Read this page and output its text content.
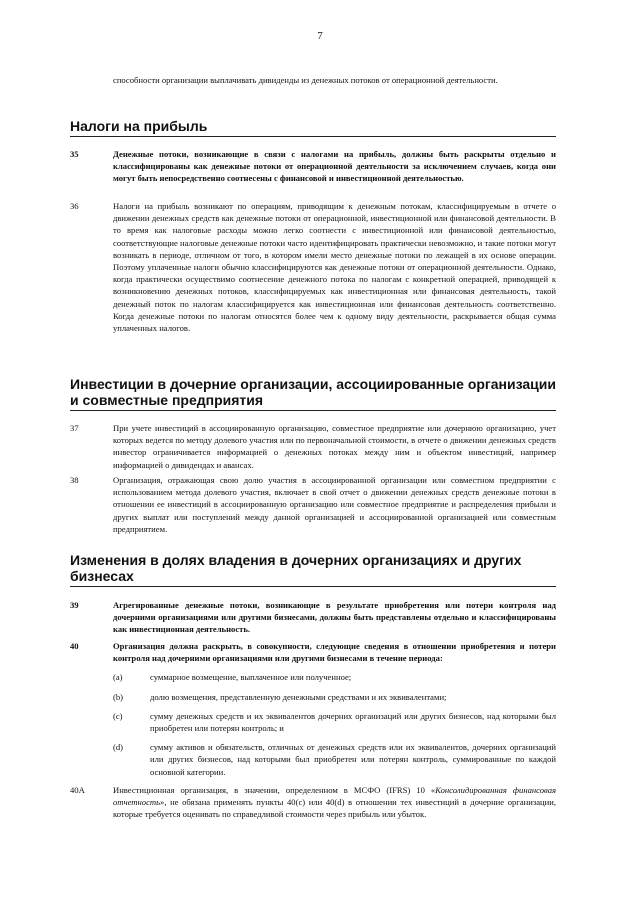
7
способности организации выплачивать дивиденды из денежных потоков от операционной деятельности.
Налоги на прибыль
35	Денежные потоки, возникающие в связи с налогами на прибыль, должны быть раскрыты отдельно и классифицированы как денежные потоки от операционной деятельности за исключением случаев, когда они могут быть непосредственно соотнесены с финансовой и инвестиционной деятельностью.
36	Налоги на прибыль возникают по операциям, приводящим к денежным потокам, классифицируемым в отчете о движении денежных средств как денежные потоки от операционной, инвестиционной или финансовой деятельности. В то время как налоговые расходы можно легко соотнести с инвестиционной или финансовой деятельностью, соответствующие налоговые денежные потоки часто идентифицировать практически невозможно, и такие потоки могут возникать в периоде, отличном от того, в котором имели место денежные потоки по лежащей в их основе операции. Поэтому уплаченные налоги обычно классифицируются как денежные потоки от операционной деятельности. Однако, когда практически осуществимо соотнесение денежного потока по налогам с конкретной операцией, приводящей к возникновению денежных потоков, классифицируемых как инвестиционная или финансовая деятельность, такой денежный поток по налогам классифицируется как инвестиционная или финансовая деятельность соответственно. Когда денежные потоки по налогам относятся более чем к одному виду деятельности, раскрывается общая сумма уплаченных налогов.
Инвестиции в дочерние организации, ассоциированные организации и совместные предприятия
37	При учете инвестиций в ассоциированную организацию, совместное предприятие или дочернюю организацию, учет которых ведется по методу долевого участия или по первоначальной стоимости, в отчете о движении денежных средств инвестор ограничивается информацией о денежных потоках между ним и объектом инвестиций, например информацией о дивидендах и авансах.
38	Организация, отражающая свою долю участия в ассоциированной организации или совместном предприятии с использованием метода долевого участия, включает в свой отчет о движении денежных средств денежные потоки в отношении ее инвестиций в ассоциированную организацию или совместное предприятие и распределения прибыли и других выплат или поступлений между данной организацией и ассоциированной организацией или совместным предприятием.
Изменения в долях владения в дочерних организациях и других бизнесах
39	Агрегированные денежные потоки, возникающие в результате приобретения или потери контроля над дочерними организациями или другими бизнесами, должны быть представлены отдельно и классифицированы как инвестиционная деятельность.
40	Организация должна раскрыть, в совокупности, следующие сведения в отношении приобретения и потери контроля над дочерними организациями или другими бизнесами в течение периода:
(a)	суммарное возмещение, выплаченное или полученное;
(b)	долю возмещения, представленную денежными средствами и их эквивалентами;
(c)	сумму денежных средств и их эквивалентов дочерних организаций или других бизнесов, над которыми был приобретен или потерян контроль; и
(d)	сумму активов и обязательств, отличных от денежных средств или их эквивалентов, дочерних организаций или других бизнесов, над которыми был приобретен или потерян контроль, суммированные по каждой основной категории.
40A	Инвестиционная организация, в значении, определенном в МСФО (IFRS) 10 «Консолидированная финансовая отчетность», не обязана применять пункты 40(c) или 40(d) в отношении тех инвестиций в дочерние организации, которые требуется оценивать по справедливой стоимости через прибыль или убыток.
